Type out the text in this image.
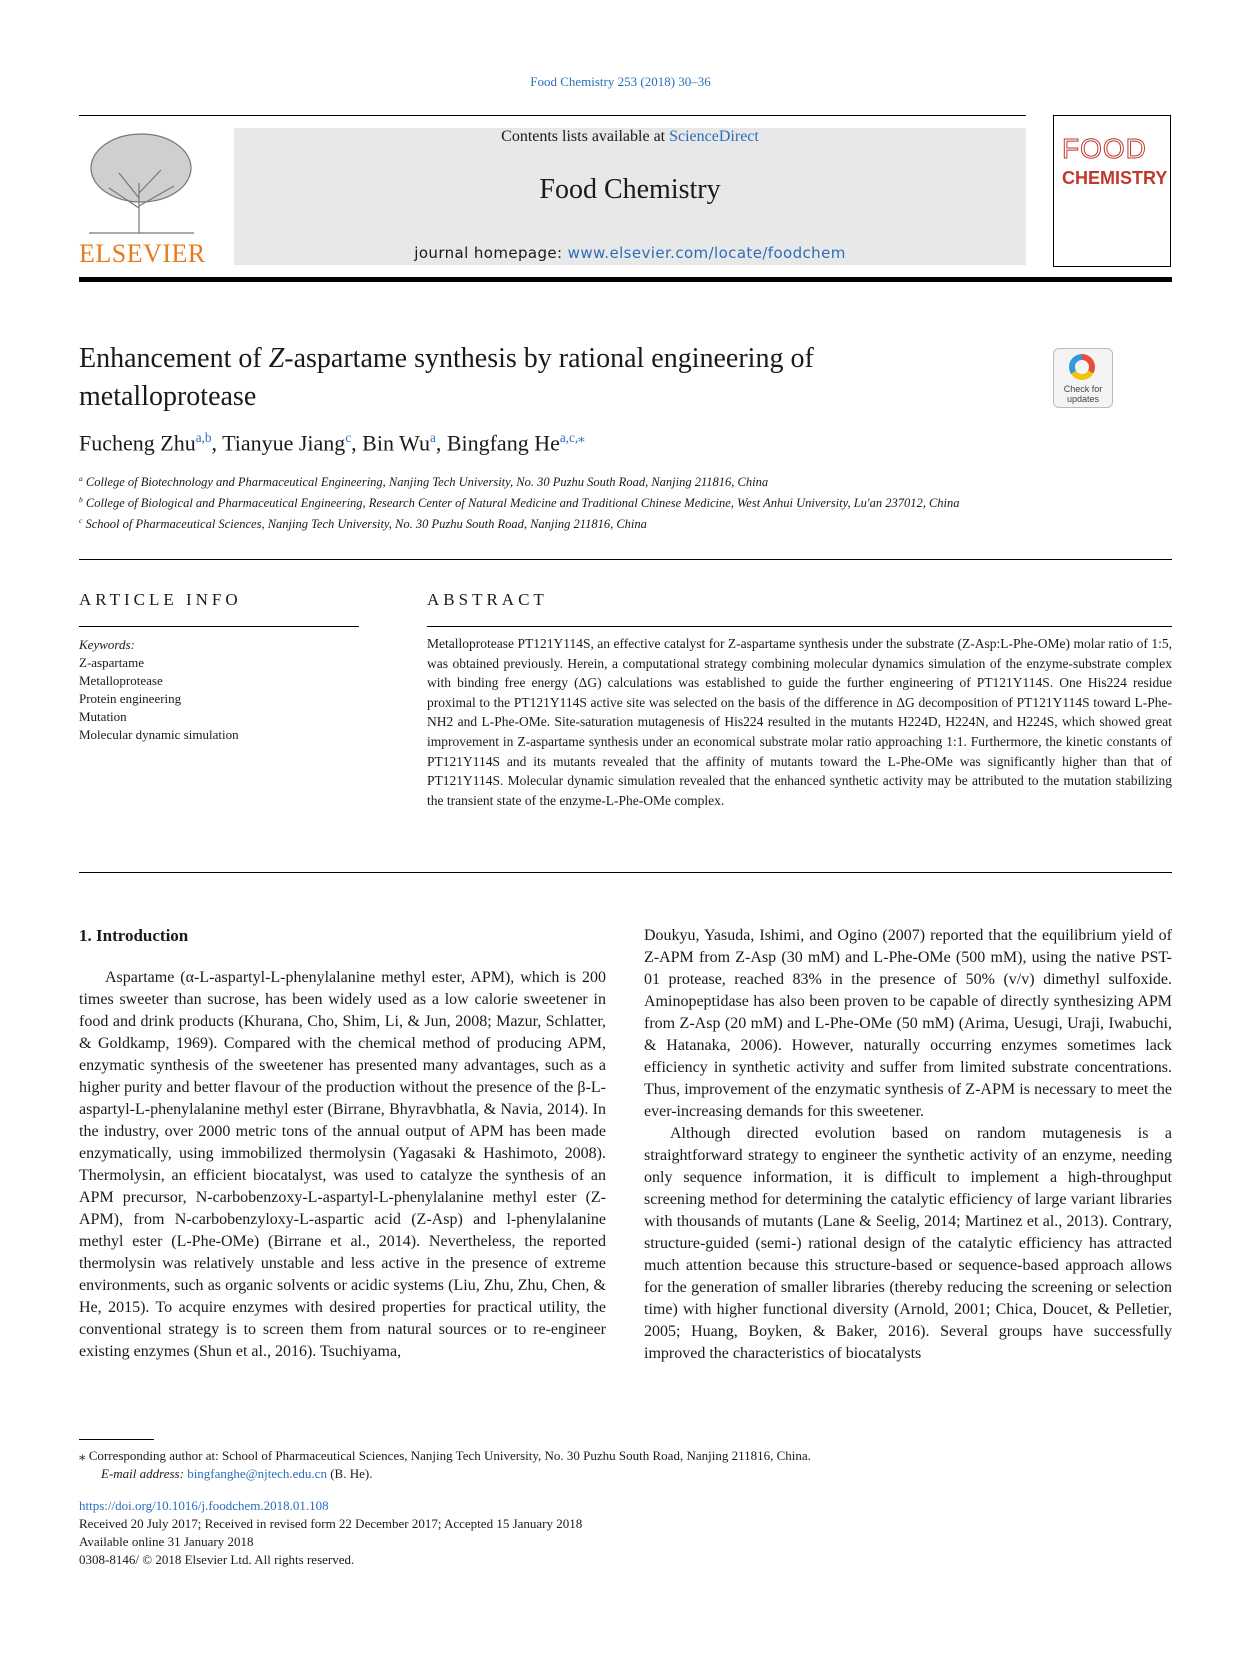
Food Chemistry 253 (2018) 30–36
ELSEVIER
Contents lists available at ScienceDirect
Food Chemistry
journal homepage: www.elsevier.com/locate/foodchem
FOOD
CHEMISTRY
Enhancement of Z-aspartame synthesis by rational engineering of metalloprotease	Check for updates
Fucheng Zhu$^{a,b}$, Tianyue Jiang$^c$, Bin Wu$^a$, Bingfang $He^{a,c,⁎}$
$^a$ College of Biotechnology and Pharmaceutical Engineering, Nanjing Tech University, No. 30 Puzhu South Road, Nanjing 211816, China
$^b$ College of Biological and Pharmaceutical Engineering, Research Center of Natural Medicine and Traditional Chinese Medicine, West Anhui University, Lu'an 237012, China
$^c$ School of Pharmaceutical Sciences, Nanjing Tech University, No. 30 Puzhu South Road, Nanjing 211816, China
ARTICLE INFO
Keywords:
Z-aspartame
Metalloprotease
Protein engineering
Mutation
Molecular dynamic simulation
ABSTRACT
Metalloprotease PT121Y114S, an effective catalyst for Z-aspartame synthesis under the substrate (Z-Asp:L-Phe-OMe) molar ratio of 1:5, was obtained previously. Herein, a computational strategy combining molecular dynamics simulation of the enzyme-substrate complex with binding free energy (ΔG) calculations was established to guide the further engineering of PT121Y114S. One His224 residue proximal to the PT121Y114S active site was selected on the basis of the difference in ΔG decomposition of PT121Y114S toward L-Phe-NH2 and L-Phe-OMe. Site-saturation mutagenesis of His224 resulted in the mutants H224D, H224N, and H224S, which showed great improvement in Z-aspartame synthesis under an economical substrate molar ratio approaching 1:1. Furthermore, the kinetic constants of PT121Y114S and its mutants revealed that the affinity of mutants toward the L-Phe-OMe was significantly higher than that of PT121Y114S. Molecular dynamic simulation revealed that the enhanced synthetic activity may be attributed to the mutation stabilizing the transient state of the enzyme-L-Phe-OMe complex.
1. Introduction

Aspartame (α-L-aspartyl-L-phenylalanine methyl ester, APM), which is 200 times sweeter than sucrose, has been widely used as a low calorie sweetener in food and drink products (Khurana, Cho, Shim, Li, & Jun, 2008; Mazur, Schlatter, & Goldkamp, 1969). Compared with the chemical method of producing APM, enzymatic synthesis of the sweetener has presented many advantages, such as a higher purity and better flavour of the production without the presence of the β-L-aspartyl-L-phenylalanine methyl ester (Birrane, Bhyravbhatla, & Navia, 2014). In the industry, over 2000 metric tons of the annual output of APM has been made enzymatically, using immobilized thermolysin (Yagasaki & Hashimoto, 2008). Thermolysin, an efficient biocatalyst, was used to catalyze the synthesis of an APM precursor, N-carbobenzoxy-L-aspartyl-L-phenylalanine methyl ester (Z-APM), from N-carbobenzyloxy-L-aspartic acid (Z-Asp) and l-phenylalanine methyl ester (L-Phe-OMe) (Birrane et al., 2014). Nevertheless, the reported thermolysin was relatively unstable and less active in the presence of extreme environments, such as organic solvents or acidic systems (Liu, Zhu, Zhu, Chen, & He, 2015). To acquire enzymes with desired properties for practical utility, the conventional strategy is to screen them from natural sources or to re-engineer existing enzymes (Shun et al., 2016). Tsuchiyama,

Doukyu, Yasuda, Ishimi, and Ogino (2007) reported that the equilibrium yield of Z-APM from Z-Asp (30 mM) and L-Phe-OMe (500 mM), using the native PST-01 protease, reached 83% in the presence of 50% (v/v) dimethyl sulfoxide. Aminopeptidase has also been proven to be capable of directly synthesizing APM from Z-Asp (20 mM) and L-Phe-OMe (50 mM) (Arima, Uesugi, Uraji, Iwabuchi, & Hatanaka, 2006). However, naturally occurring enzymes sometimes lack efficiency in synthetic activity and suffer from limited substrate concentrations. Thus, improvement of the enzymatic synthesis of Z-APM is necessary to meet the ever-increasing demands for this sweetener.

Although directed evolution based on random mutagenesis is a straightforward strategy to engineer the synthetic activity of an enzyme, needing only sequence information, it is difficult to implement a high-throughput screening method for determining the catalytic efficiency of large variant libraries with thousands of mutants (Lane & Seelig, 2014; Martinez et al., 2013). Contrary, structure-guided (semi-) rational design of the catalytic efficiency has attracted much attention because this structure-based or sequence-based approach allows for the generation of smaller libraries (thereby reducing the screening or selection time) with higher functional diversity (Arnold, 2001; Chica, Doucet, & Pelletier, 2005; Huang, Boyken, & Baker, 2016). Several groups have successfully improved the characteristics of biocatalysts

⁎ Corresponding author at: School of Pharmaceutical Sciences, Nanjing Tech University, No. 30 Puzhu South Road, Nanjing 211816, China.
E-mail address: bingfanghe@njtech.edu.cn (B. He).
https://doi.org/10.1016/j.foodchem.2018.01.108
Received 20 July 2017; Received in revised form 22 December 2017; Accepted 15 January 2018
Available online 31 January 2018
0308-8146/ © 2018 Elsevier Ltd. All rights reserved.
